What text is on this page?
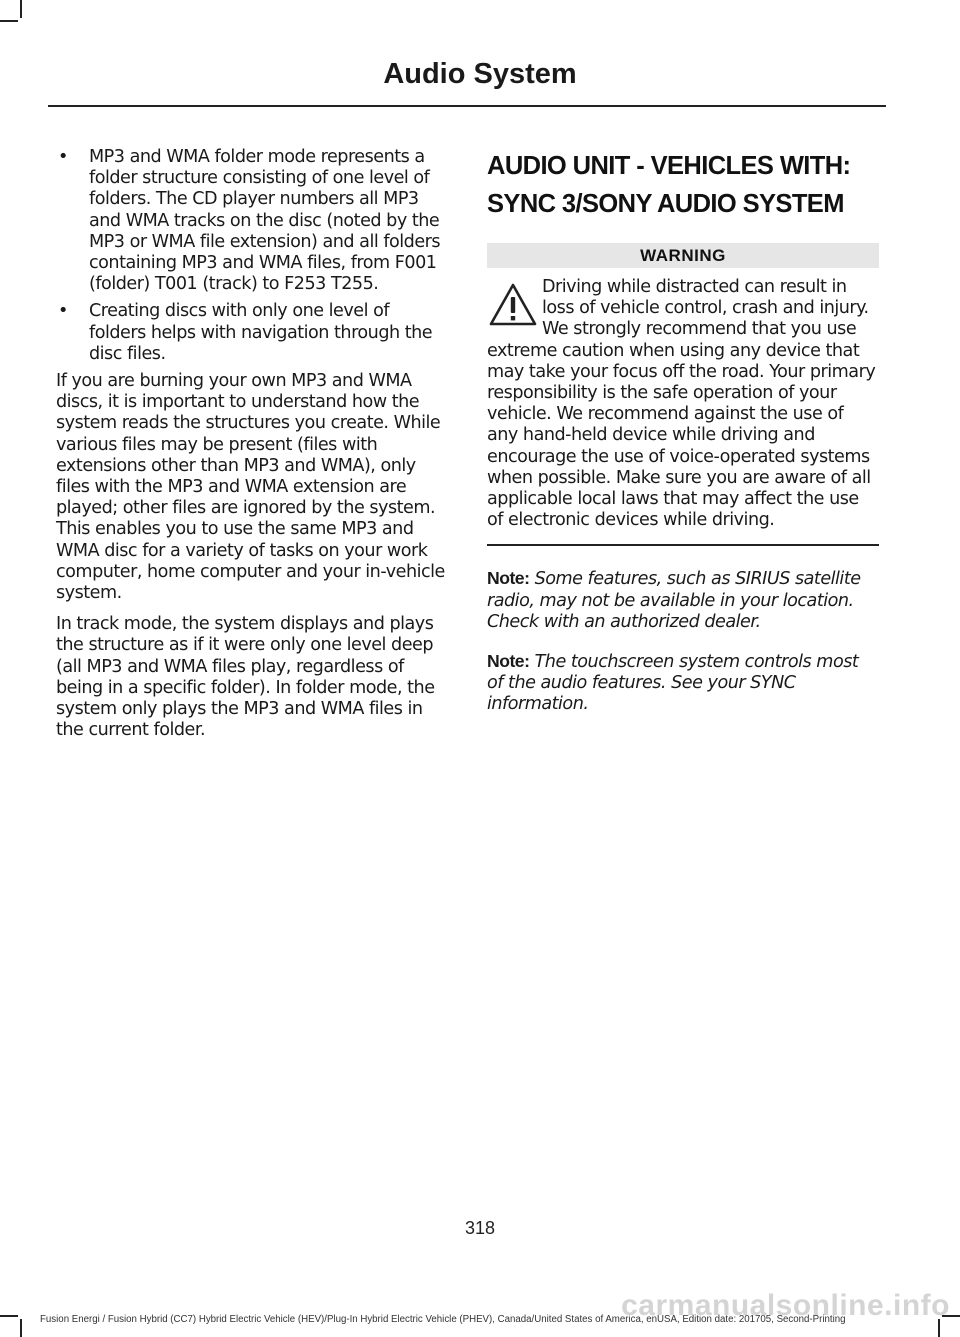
Audio System
• MP3 and WMA folder mode represents a folder structure consisting of one level of folders. The CD player numbers all MP3 and WMA tracks on the disc (noted by the MP3 or WMA file extension) and all folders containing MP3 and WMA files, from F001 (folder) T001 (track) to F253 T255.
• Creating discs with only one level of folders helps with navigation through the disc files.

If you are burning your own MP3 and WMA discs, it is important to understand how the system reads the structures you create. While various files may be present (files with extensions other than MP3 and WMA), only files with the MP3 and WMA extension are played; other files are ignored by the system. This enables you to use the same MP3 and WMA disc for a variety of tasks on your work computer, home computer and your in-vehicle system.

In track mode, the system displays and plays the structure as if it were only one level deep (all MP3 and WMA files play, regardless of being in a specific folder). In folder mode, the system only plays the MP3 and WMA files in the current folder.

AUDIO UNIT - VEHICLES WITH:
SYNC 3/SONY AUDIO SYSTEM
WARNING
Driving while distracted can result in loss of vehicle control, crash and injury. We strongly recommend that you use extreme caution when using any device that may take your focus off the road. Your primary responsibility is the safe operation of your vehicle. We recommend against the use of any hand-held device while driving and encourage the use of voice-operated systems when possible. Make sure you are aware of all applicable local laws that may affect the use of electronic devices while driving.

Note: Some features, such as SIRIUS satellite radio, may not be available in your location. Check with an authorized dealer.

Note: The touchscreen system controls most of the audio features. See your SYNC information.

318
Fusion Energi / Fusion Hybrid (CC7) Hybrid Electric Vehicle (HEV)/Plug-In Hybrid Electric Vehicle (PHEV), Canada/United States of America, enUSA, Edition date: 201705, Second-Printing
carmanualsonline.info
